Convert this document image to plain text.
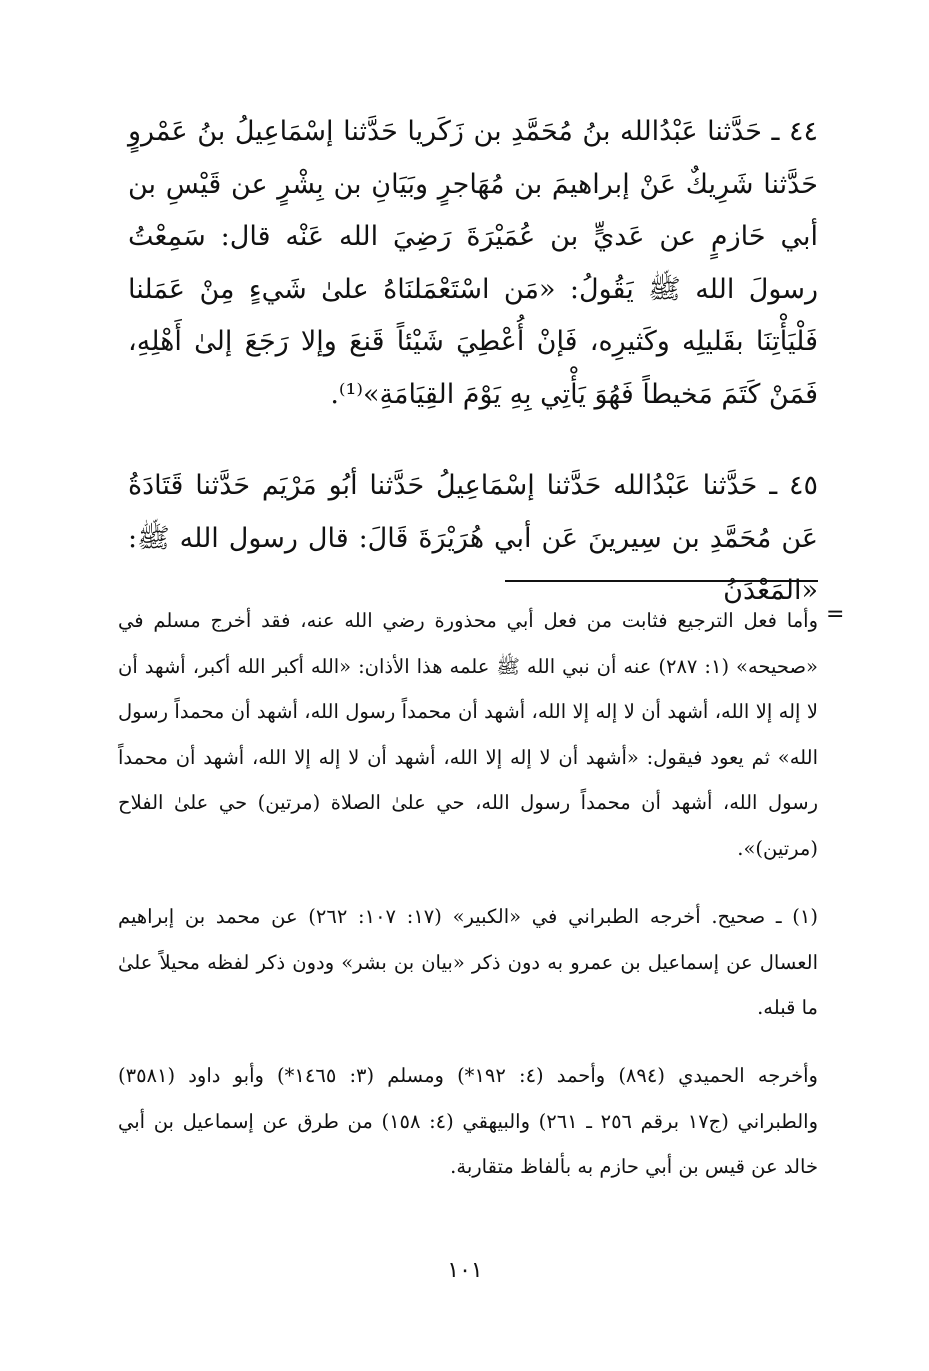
٤٤ ـ حَدَّثنا عَبْدُالله بنُ مُحَمَّدِ بن زَكَريا حَدَّثنا إسْمَاعِيلُ بنُ عَمْروٍ حَدَّثنا شَرِيكٌ عَنْ إبراهيمَ بن مُهَاجرٍ وبَيَانِ بن بِشْرٍ عن قَيْسِ بن أبي حَازمٍ عن عَديٍّ بن عُمَيْرَةَ رَضِيَ الله عَنْه قال: سَمِعْتُ رسولَ الله ﷺ يَقُولُ: «مَن اسْتَعْمَلنَاهُ علىٰ شَيءٍ مِنْ عَمَلنا فَلْيَأْتِنَا بقَليلِه وكَثيرِه، فَإنْ أُعْطِيَ شَيْئاً قَنعَ وإلا رَجَعَ إلىٰ أَهْلِهِ، فَمَنْ كَتَمَ مَخيطاً فَهُوَ يَأْتِي بِهِ يَوْمَ القِيَامَةِ»⁽¹⁾.

٤٥ ـ حَدَّثنا عَبْدُالله حَدَّثنا إسْمَاعِيلُ حَدَّثنا أبُو مَرْيَم حَدَّثنا قَتَادَةُ عَن مُحَمَّدِ بن سِيرينَ عَن أبي هُرَيْرَةَ قَالَ: قال رسول الله ﷺ: «المَعْدَنُ

=

وأما فعل الترجيع فثابت من فعل أبي محذورة رضي الله عنه، فقد أخرج مسلم في «صحيحه» (١: ٢٨٧) عنه أن نبي الله ﷺ علمه هذا الأذان: «الله أكبر الله أكبر، أشهد أن لا إله إلا الله، أشهد أن لا إله إلا الله، أشهد أن محمداً رسول الله، أشهد أن محمداً رسول الله» ثم يعود فيقول: «أشهد أن لا إله إلا الله، أشهد أن لا إله إلا الله، أشهد أن محمداً رسول الله، أشهد أن محمداً رسول الله، حي علىٰ الصلاة (مرتين) حي علىٰ الفلاح (مرتين)».

(١) ـ صحيح. أخرجه الطبراني في «الكبير» (١٧: ١٠٧: ٢٦٢) عن محمد بن إبراهيم العسال عن إسماعيل بن عمرو به دون ذكر «بيان بن بشر» ودون ذكر لفظه محيلاً علىٰ ما قبله.

وأخرجه الحميدي (٨٩٤) وأحمد (٤: ١٩٢*) ومسلم (٣: ١٤٦٥*) وأبو داود (٣٥٨١) والطبراني (ج١٧ برقم ٢٥٦ ـ ٢٦١) والبيهقي (٤: ١٥٨) من طرق عن إسماعيل بن أبي خالد عن قيس بن أبي حازم به بألفاظ متقاربة.

١٠١
